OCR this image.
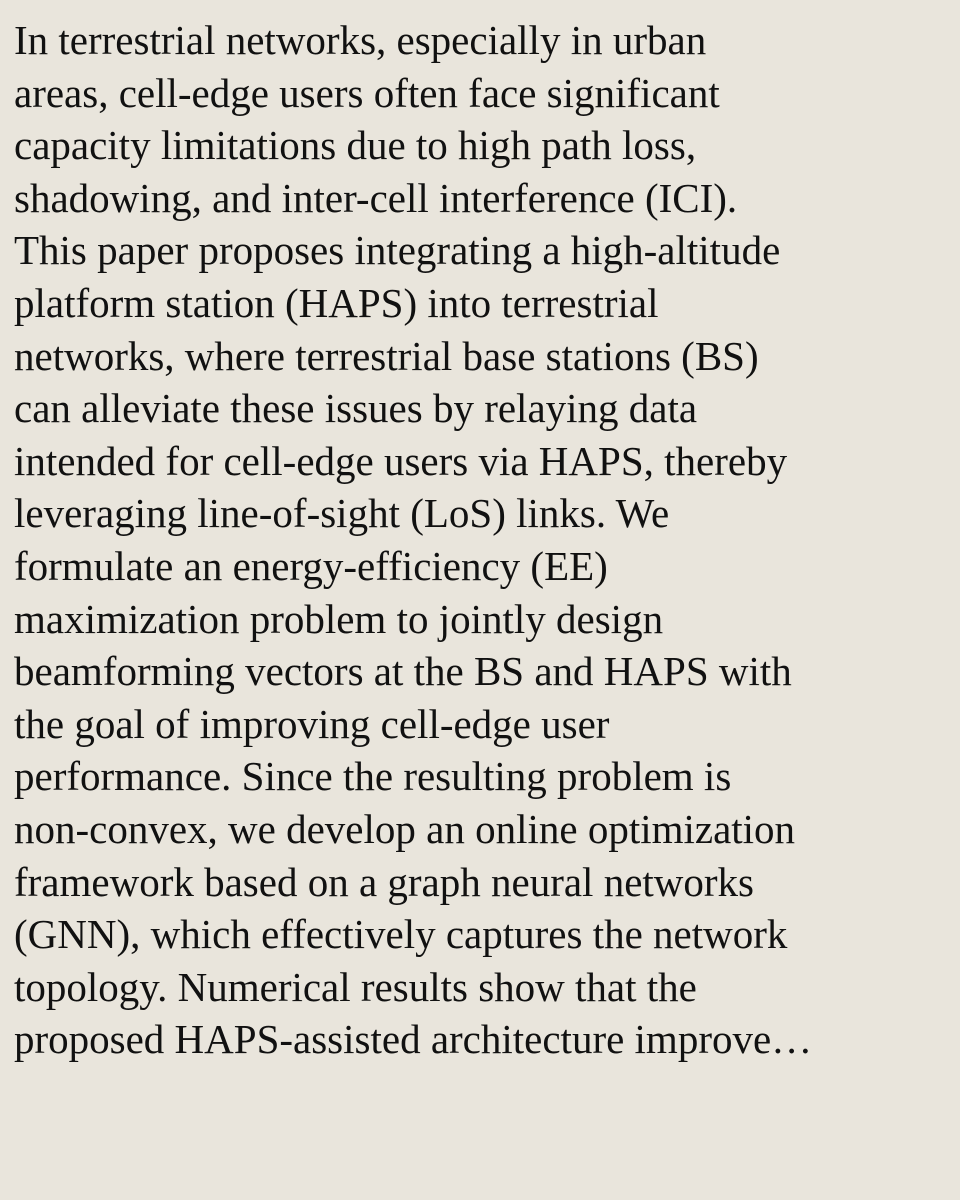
In terrestrial networks, especially in urban
areas, cell-edge users often face significant
capacity limitations due to high path loss,
shadowing, and inter-cell interference (ICI).
This paper proposes integrating a high-altitude
platform station (HAPS) into terrestrial
networks, where terrestrial base stations (BS)
can alleviate these issues by relaying data
intended for cell-edge users via HAPS, thereby
leveraging line-of-sight (LoS) links. We
formulate an energy-efficiency (EE)
maximization problem to jointly design
beamforming vectors at the BS and HAPS with
the goal of improving cell-edge user
performance. Since the resulting problem is
non-convex, we develop an online optimization
framework based on a graph neural networks
(GNN), which effectively captures the network
topology. Numerical results show that the
proposed HAPS-assisted architecture improve…
